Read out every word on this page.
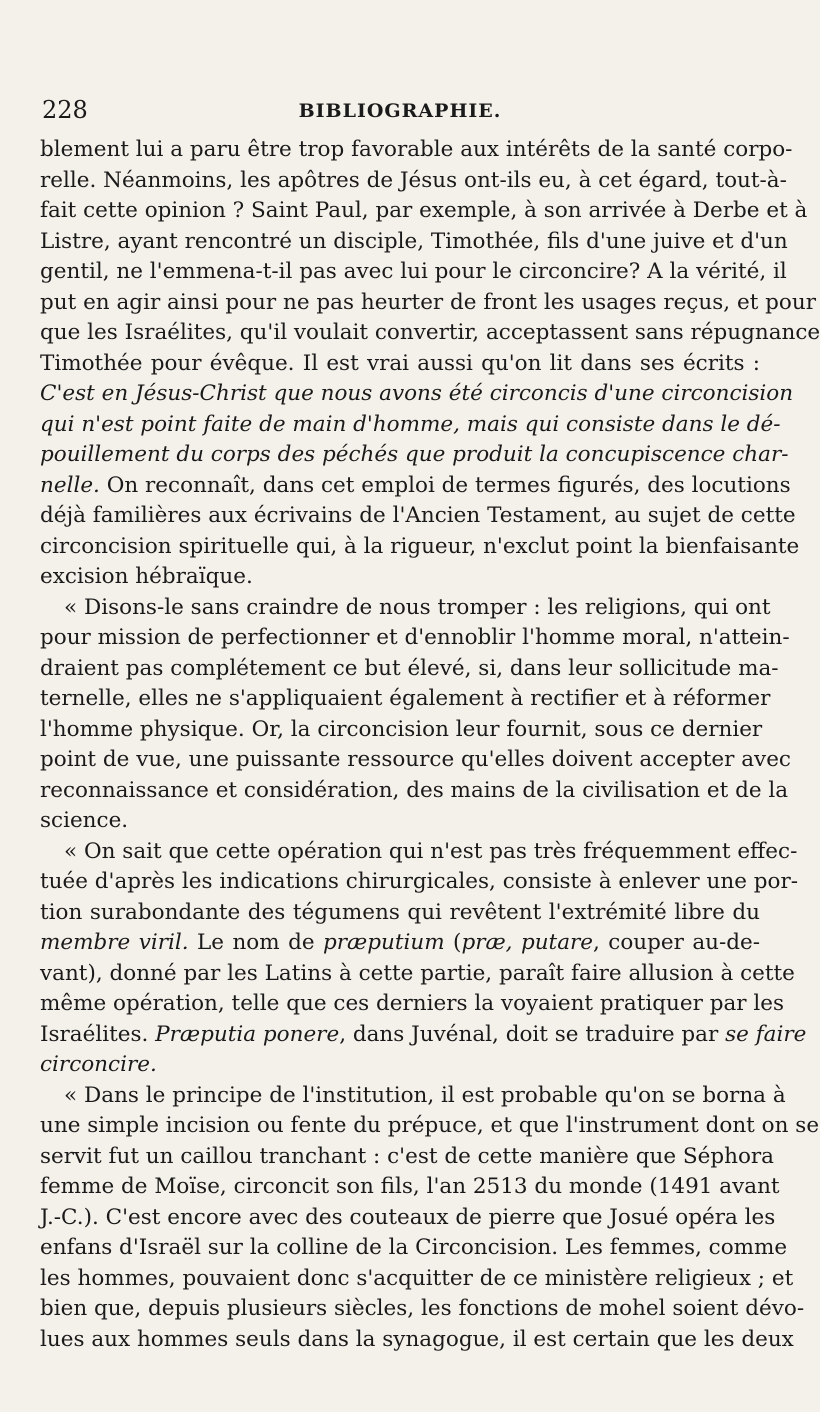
228	BIBLIOGRAPHIE.
blement lui a paru être trop favorable aux intérêts de la santé corpo-
relle. Néanmoins, les apôtres de Jésus ont-ils eu, à cet égard, tout-à-
fait cette opinion ? Saint Paul, par exemple, à son arrivée à Derbe et à
Listre, ayant rencontré un disciple, Timothée, fils d'une juive et d'un
gentil, ne l'emmena-t-il pas avec lui pour le circoncire? A la vérité, il
put en agir ainsi pour ne pas heurter de front les usages reçus, et pour
que les Israélites, qu'il voulait convertir, acceptassent sans répugnance
Timothée pour évêque. Il est vrai aussi qu'on lit dans ses écrits :
C'est en Jésus-Christ que nous avons été circoncis d'une circoncision
qui n'est point faite de main d'homme, mais qui consiste dans le dé-
pouillement du corps des péchés que produit la concupiscence char-
nelle. On reconnaît, dans cet emploi de termes figurés, des locutions
déjà familières aux écrivains de l'Ancien Testament, au sujet de cette
circoncision spirituelle qui, à la rigueur, n'exclut point la bienfaisante
excision hébraïque.
« Disons-le sans craindre de nous tromper : les religions, qui ont
pour mission de perfectionner et d'ennoblir l'homme moral, n'attein-
draient pas complétement ce but élevé, si, dans leur sollicitude ma-
ternelle, elles ne s'appliquaient également à rectifier et à réformer
l'homme physique. Or, la circoncision leur fournit, sous ce dernier
point de vue, une puissante ressource qu'elles doivent accepter avec
reconnaissance et considération, des mains de la civilisation et de la
science.
« On sait que cette opération qui n'est pas très fréquemment effec-
tuée d'après les indications chirurgicales, consiste à enlever une por-
tion surabondante des tégumens qui revêtent l'extrémité libre du
membre viril. Le nom de præputium (præ, putare, couper au-de-
vant), donné par les Latins à cette partie, paraît faire allusion à cette
même opération, telle que ces derniers la voyaient pratiquer par les
Israélites. Præputia ponere, dans Juvénal, doit se traduire par se faire
circoncire.
« Dans le principe de l'institution, il est probable qu'on se borna à
une simple incision ou fente du prépuce, et que l'instrument dont on se
servit fut un caillou tranchant : c'est de cette manière que Séphora
femme de Moïse, circoncit son fils, l'an 2513 du monde (1491 avant
J.-C.). C'est encore avec des couteaux de pierre que Josué opéra les
enfans d'Israël sur la colline de la Circoncision. Les femmes, comme
les hommes, pouvaient donc s'acquitter de ce ministère religieux ; et
bien que, depuis plusieurs siècles, les fonctions de mohel soient dévo-
lues aux hommes seuls dans la synagogue, il est certain que les deux
